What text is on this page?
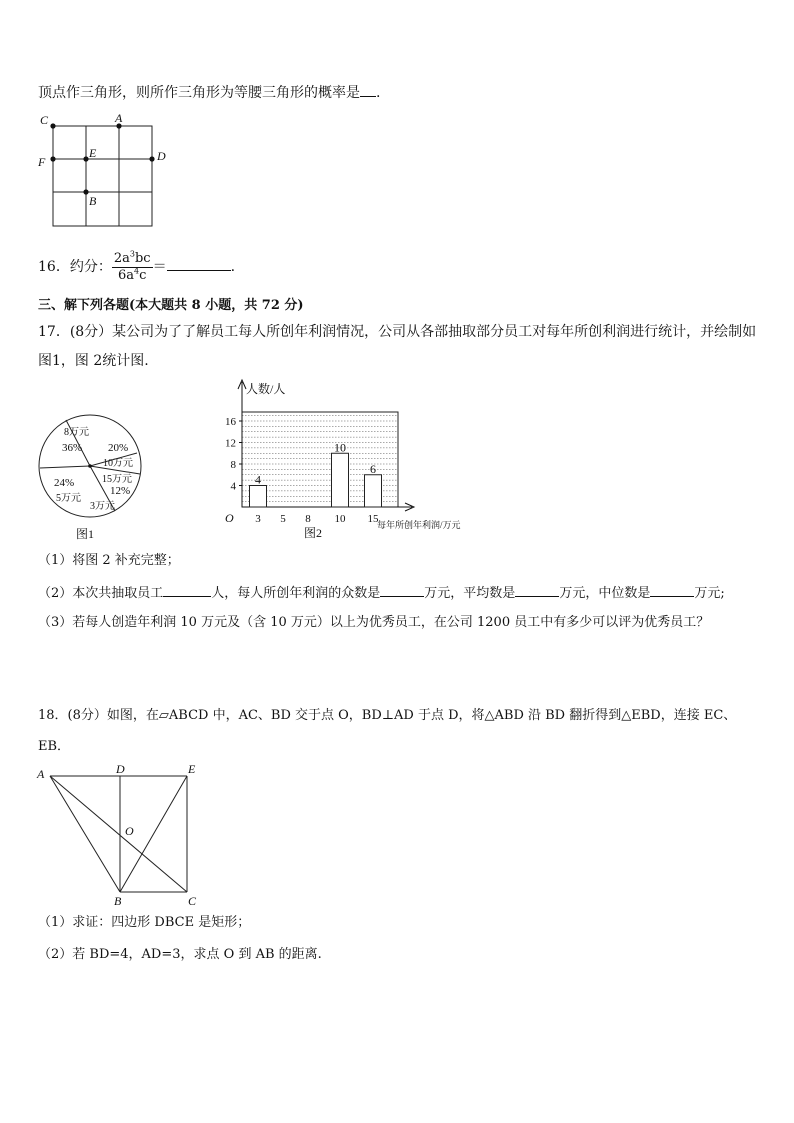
顶点作三角形，则所作三角形为等腰三角形的概率是 .
C	A
F
E	D
B
16．约分： $\frac{2a^3bc}{6a^4c}$ ＝	.
三、解下列各题(本大题共 8 小题，共 72 分)
17．(8分）某公司为了了解员工每人所创年利润情况，公司从各部抽取部分员工对每年所创利润进行统计，并绘制如
图1，图 2统计图.
8万元
36% 20%
10万元
15万元
12%
24%
5万元
3万元
图1
4
10
6
3 5 8 10 15
4
8
12
16
人数/人
每年所创年利润/万元
O
图2
（1）将图 2 补充完整；
（2）本次共抽取员工	人，每人所创年利润的众数是	万元，平均数是	万元，中位数是	万元;
（3）若每人创造年利润 10 万元及（含 10 万元）以上为优秀员工，在公司 1200 员工中有多少可以评为优秀员工？
18．(8分）如图，在▱ABCD 中，AC、BD 交于点 O，BD⊥AD 于点 D，将△ABD 沿 BD 翻折得到△EBD，连接 EC、
EB．
A	D	E
O
B	C
（1）求证：四边形 DBCE 是矩形；
（2）若 BD=4，AD=3，求点 O 到 AB 的距离.
